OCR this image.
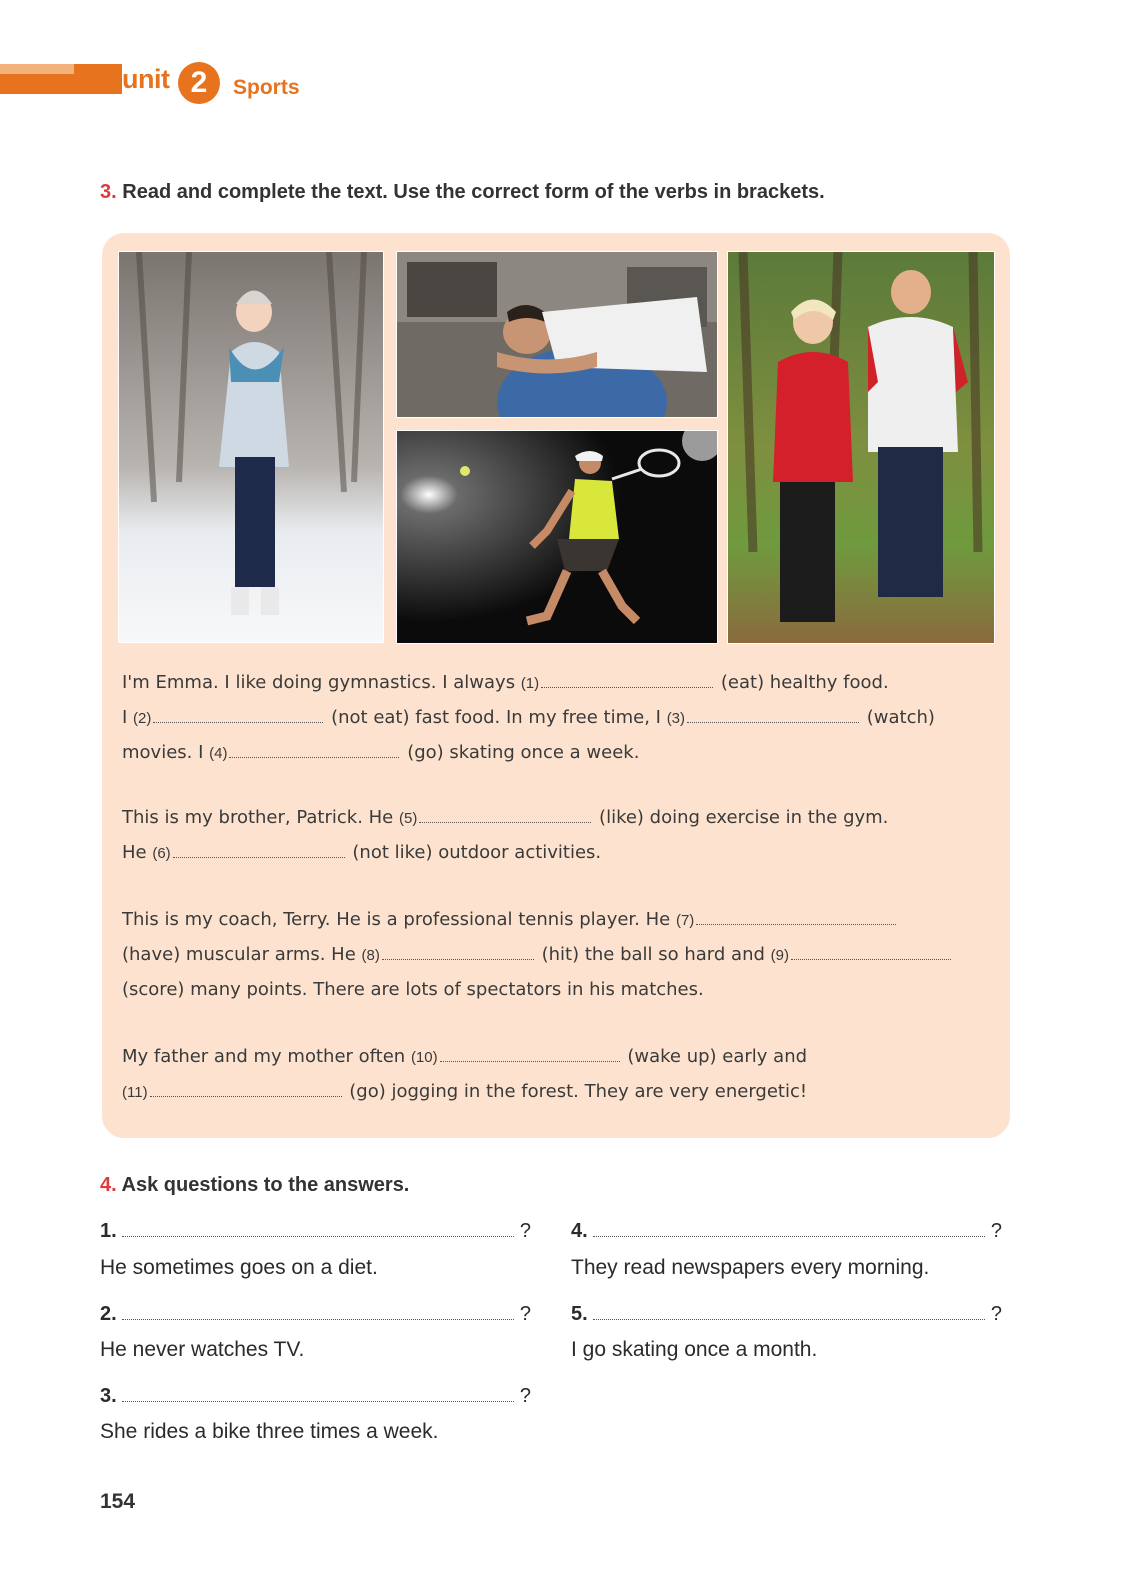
unit 2	Sports
3. Read and complete the text. Use the correct form of the verbs in brackets.
I'm Emma. I like doing gymnastics. I always (1)	(eat) healthy food.
I (2)	(not eat) fast food. In my free time, I (3)	(watch)
movies. I (4)	(go) skating once a week.
This is my brother, Patrick. He (5)	(like) doing exercise in the gym.
He (6)	(not like) outdoor activities.
This is my coach, Terry. He is a professional tennis player. He (7)
(have) muscular arms. He (8)	(hit) the ball so hard and (9)
(score) many points. There are lots of spectators in his matches.
My father and my mother often (10)	(wake up) early and
(11)	(go) jogging in the forest. They are very energetic!
4. Ask questions to the answers.
1.	?
He sometimes goes on a diet.
2.	?
He never watches TV.
3.	?
She rides a bike three times a week.
4.	?
They read newspapers every morning.
5.	?
I go skating once a month.
154
